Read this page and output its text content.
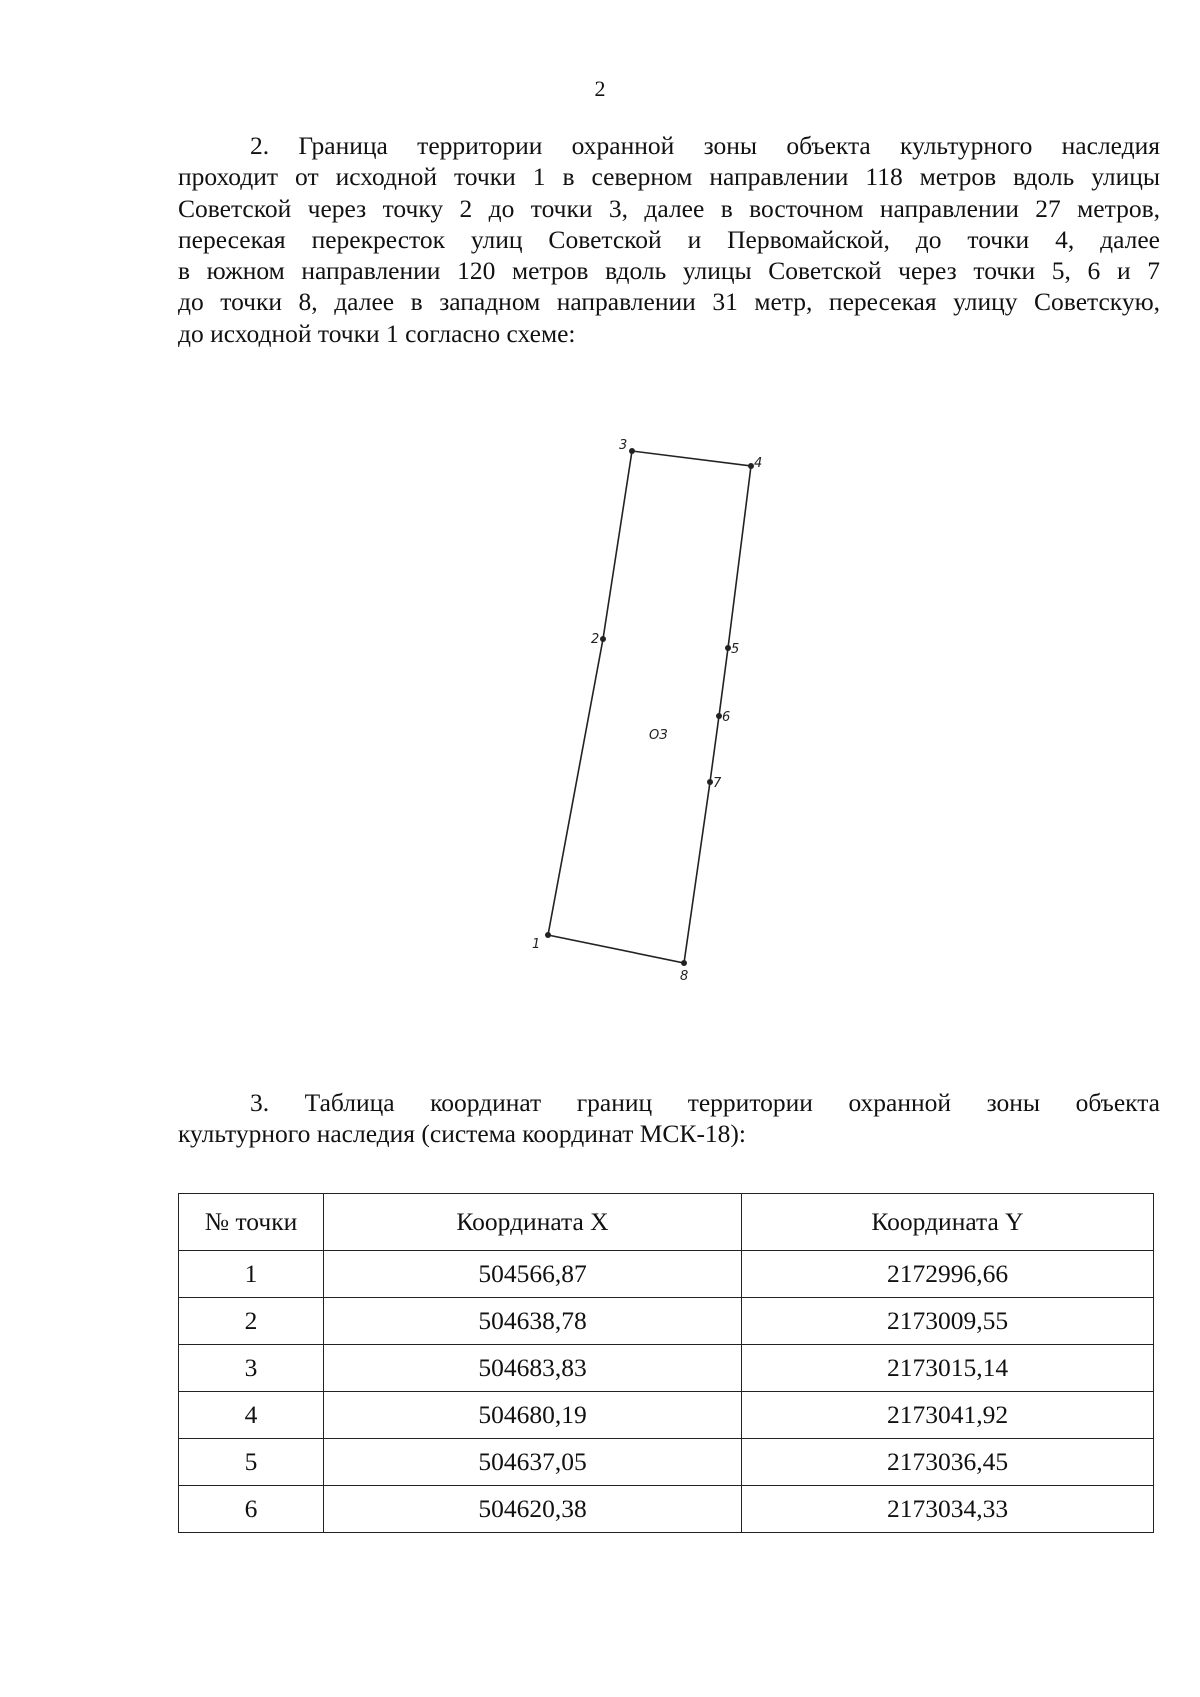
2
2. Граница территории охранной зоны объекта культурного наследия
проходит от исходной точки 1 в северном направлении 118 метров вдоль улицы
Советской через точку 2 до точки 3, далее в восточном направлении 27 метров,
пересекая перекресток улиц Советской и Первомайской, до точки 4, далее
в южном направлении 120 метров вдоль улицы Советской через точки 5, 6 и 7
до точки 8, далее в западном направлении 31 метр, пересекая улицу Советскую,
до исходной точки 1 согласно схеме:
1
2
3
4
5
6
7
8
ОЗ
3. Таблица координат границ территории охранной зоны объекта
культурного наследия (система координат МСК-18):
№ точки	Координата X	Координата Y
1	504566,87	2172996,66
2	504638,78	2173009,55
3	504683,83	2173015,14
4	504680,19	2173041,92
5	504637,05	2173036,45
6	504620,38	2173034,33
